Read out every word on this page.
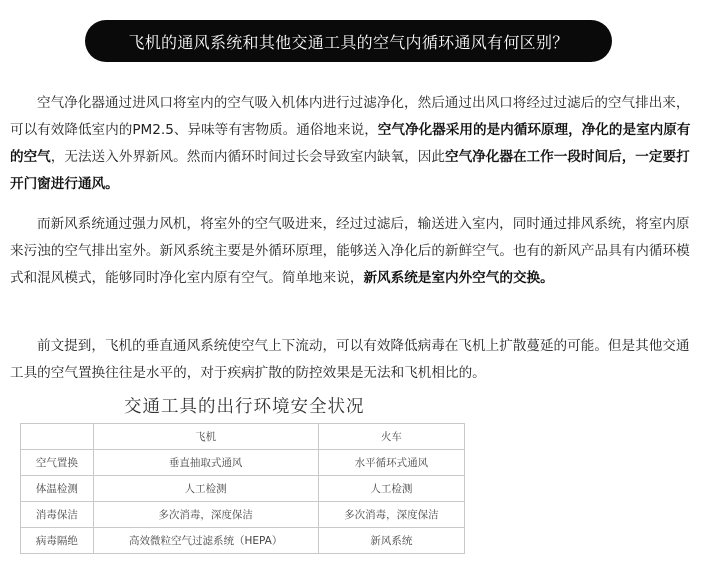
飞机的通风系统和其他交通工具的空气内循环通风有何区别？

空气净化器通过进风口将室内的空气吸入机体内进行过滤净化，然后通过出风口将经过过滤后的空气排出来，可以有效降低室内的PM2.5、异味等有害物质。通俗地来说，空气净化器采用的是内循环原理，净化的是室内原有的空气，无法送入外界新风。然而内循环时间过长会导致室内缺氧，因此空气净化器在工作一段时间后，一定要打开门窗进行通风。

而新风系统通过强力风机，将室外的空气吸进来，经过过滤后，输送进入室内，同时通过排风系统，将室内原来污浊的空气排出室外。新风系统主要是外循环原理，能够送入净化后的新鲜空气。也有的新风产品具有内循环模式和混风模式，能够同时净化室内原有空气。简单地来说，新风系统是室内外空气的交换。

前文提到，飞机的垂直通风系统使空气上下流动，可以有效降低病毒在飞机上扩散蔓延的可能。但是其他交通工具的空气置换往往是水平的，对于疾病扩散的防控效果是无法和飞机相比的。

交通工具的出行环境安全状况
	飞机	火车
空气置换	垂直抽取式通风	水平循环式通风
体温检测	人工检测	人工检测
消毒保洁	多次消毒，深度保洁	多次消毒，深度保洁
病毒隔绝	高效微粒空气过滤系统（HEPA）	新风系统
